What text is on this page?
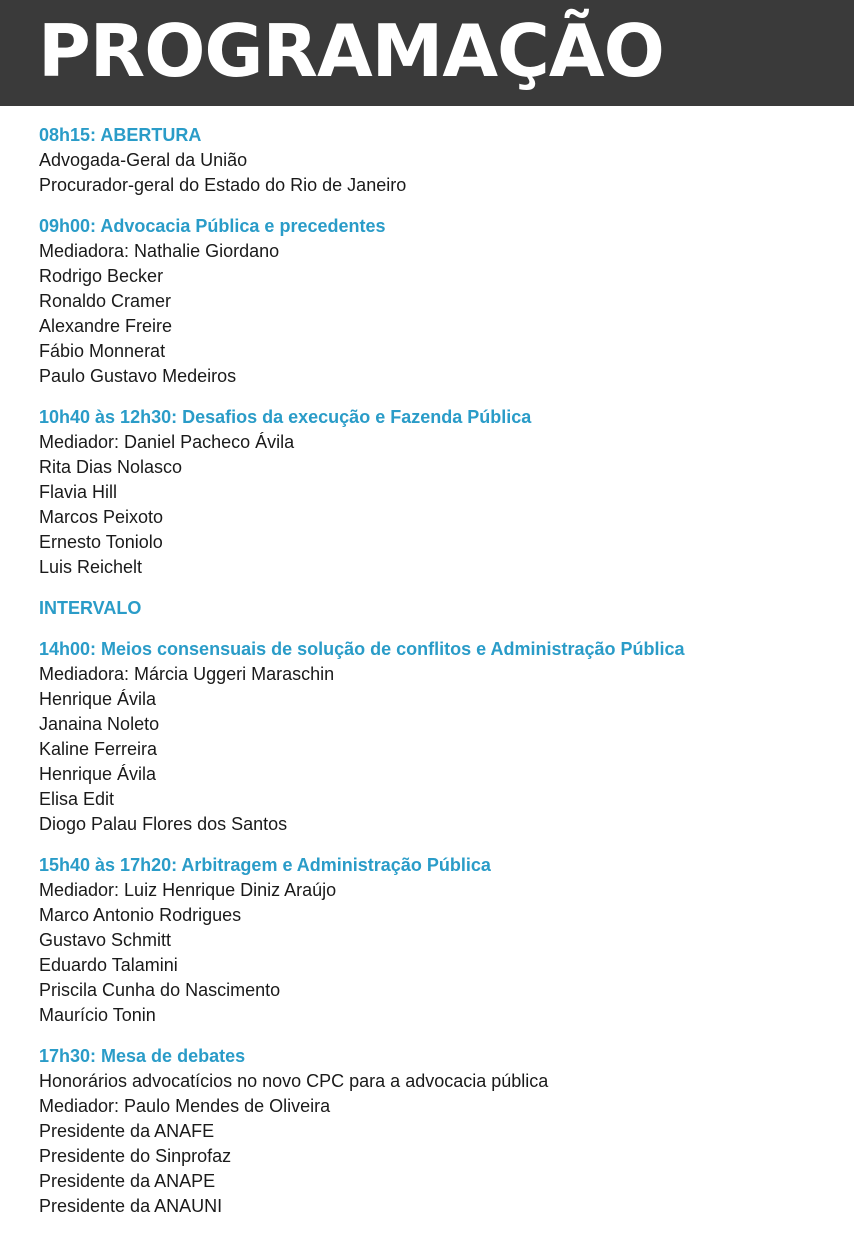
PROGRAMAÇÃO
08h15: ABERTURA
Advogada-Geral da União
Procurador-geral do Estado do Rio de Janeiro
09h00: Advocacia Pública e precedentes
Mediadora: Nathalie Giordano
Rodrigo Becker
Ronaldo Cramer
Alexandre Freire
Fábio Monnerat
Paulo Gustavo Medeiros
10h40 às 12h30: Desafios da execução e Fazenda Pública
Mediador: Daniel Pacheco Ávila
Rita Dias Nolasco
Flavia Hill
Marcos Peixoto
Ernesto Toniolo
Luis Reichelt
INTERVALO
14h00: Meios consensuais de solução de conflitos e Administração Pública
Mediadora: Márcia Uggeri Maraschin
Henrique Ávila
Janaina Noleto
Kaline Ferreira
Henrique Ávila
Elisa Edit
Diogo Palau Flores dos Santos
15h40 às 17h20: Arbitragem e Administração Pública
Mediador: Luiz Henrique Diniz Araújo
Marco Antonio Rodrigues
Gustavo Schmitt
Eduardo Talamini
Priscila Cunha do Nascimento
Maurício Tonin
17h30: Mesa de debates
Honorários advocatícios no novo CPC para a advocacia pública
Mediador: Paulo Mendes de Oliveira
Presidente da ANAFE
Presidente do Sinprofaz
Presidente da ANAPE
Presidente da ANAUNI
